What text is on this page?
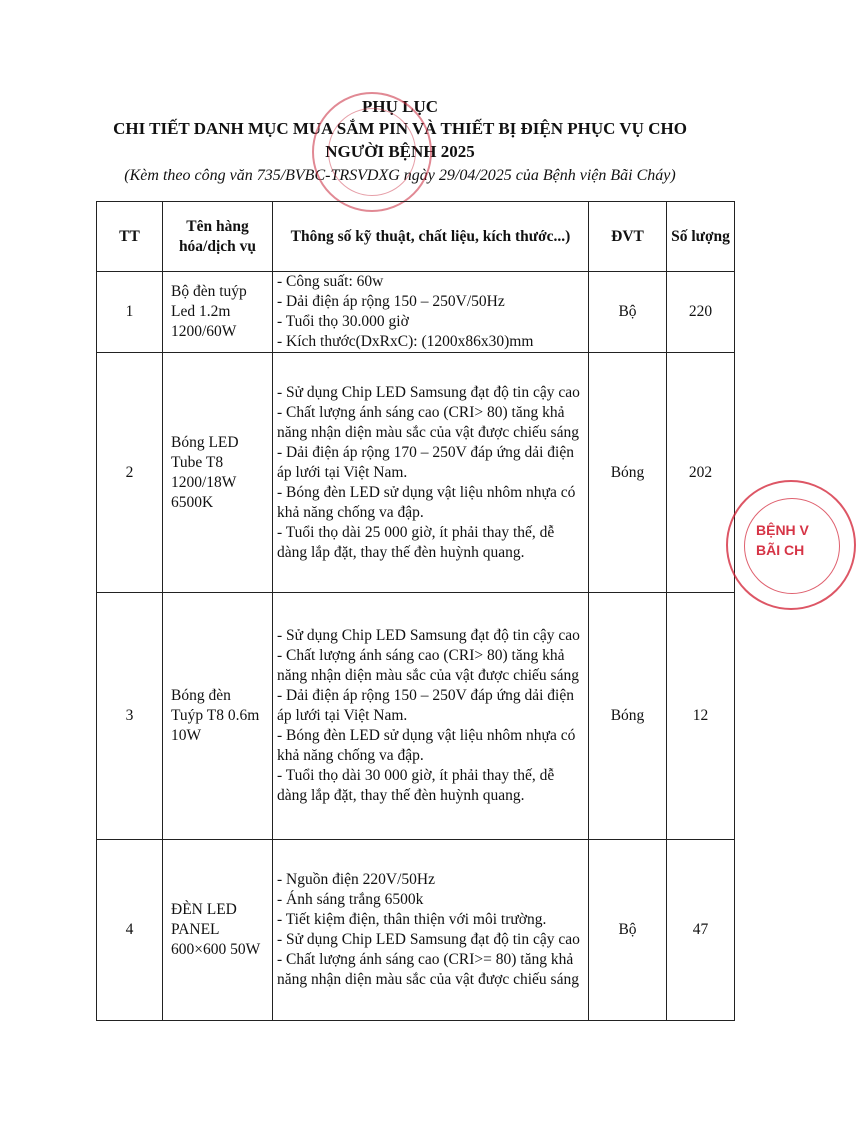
PHỤ LỤC
CHI TIẾT DANH MỤC MUA SẮM PIN VÀ THIẾT BỊ ĐIỆN PHỤC VỤ CHO
NGƯỜI BỆNH 2025
(Kèm theo công văn 735/BVBC-TRSVDXG ngày 29/04/2025 của Bệnh viện Bãi Cháy)
TT	Tên hàng hóa/dịch vụ	Thông số kỹ thuật, chất liệu, kích thước...)	ĐVT	Số lượng
1	Bộ đèn tuýp Led 1.2m 1200/60W	- Công suất: 60w
- Dải điện áp rộng 150 – 250V/50Hz
- Tuổi thọ 30.000 giờ
- Kích thước(DxRxC): (1200x86x30)mm	Bộ	220
2	Bóng LED Tube T8 1200/18W 6500K	- Sử dụng Chip LED Samsung đạt độ tin cậy cao
- Chất lượng ánh sáng cao (CRI> 80) tăng khả năng nhận diện màu sắc của vật được chiếu sáng
- Dải điện áp rộng 170 – 250V đáp ứng dải điện áp lưới tại Việt Nam.
- Bóng đèn LED sử dụng vật liệu nhôm nhựa có khả năng chống va đập.
- Tuổi thọ dài 25 000 giờ, ít phải thay thế, dễ dàng lắp đặt, thay thế đèn huỳnh quang.	Bóng	202
3	Bóng đèn Tuýp T8 0.6m 10W	- Sử dụng Chip LED Samsung đạt độ tin cậy cao
- Chất lượng ánh sáng cao (CRI> 80) tăng khả năng nhận diện màu sắc của vật được chiếu sáng
- Dải điện áp rộng 150 – 250V đáp ứng dải điện áp lưới tại Việt Nam.
- Bóng đèn LED sử dụng vật liệu nhôm nhựa có khả năng chống va đập.
- Tuổi thọ dài 30 000 giờ, ít phải thay thế, dễ dàng lắp đặt, thay thế đèn huỳnh quang.	Bóng	12
4	ĐÈN LED PANEL 600×600 50W	- Nguồn điện 220V/50Hz
- Ánh sáng trắng 6500k
- Tiết kiệm điện, thân thiện với môi trường.
- Sử dụng Chip LED Samsung đạt độ tin cậy cao
- Chất lượng ánh sáng cao (CRI>= 80) tăng khả năng nhận diện màu sắc của vật được chiếu sáng	Bộ	47
BỆNH V
BÃI CH
